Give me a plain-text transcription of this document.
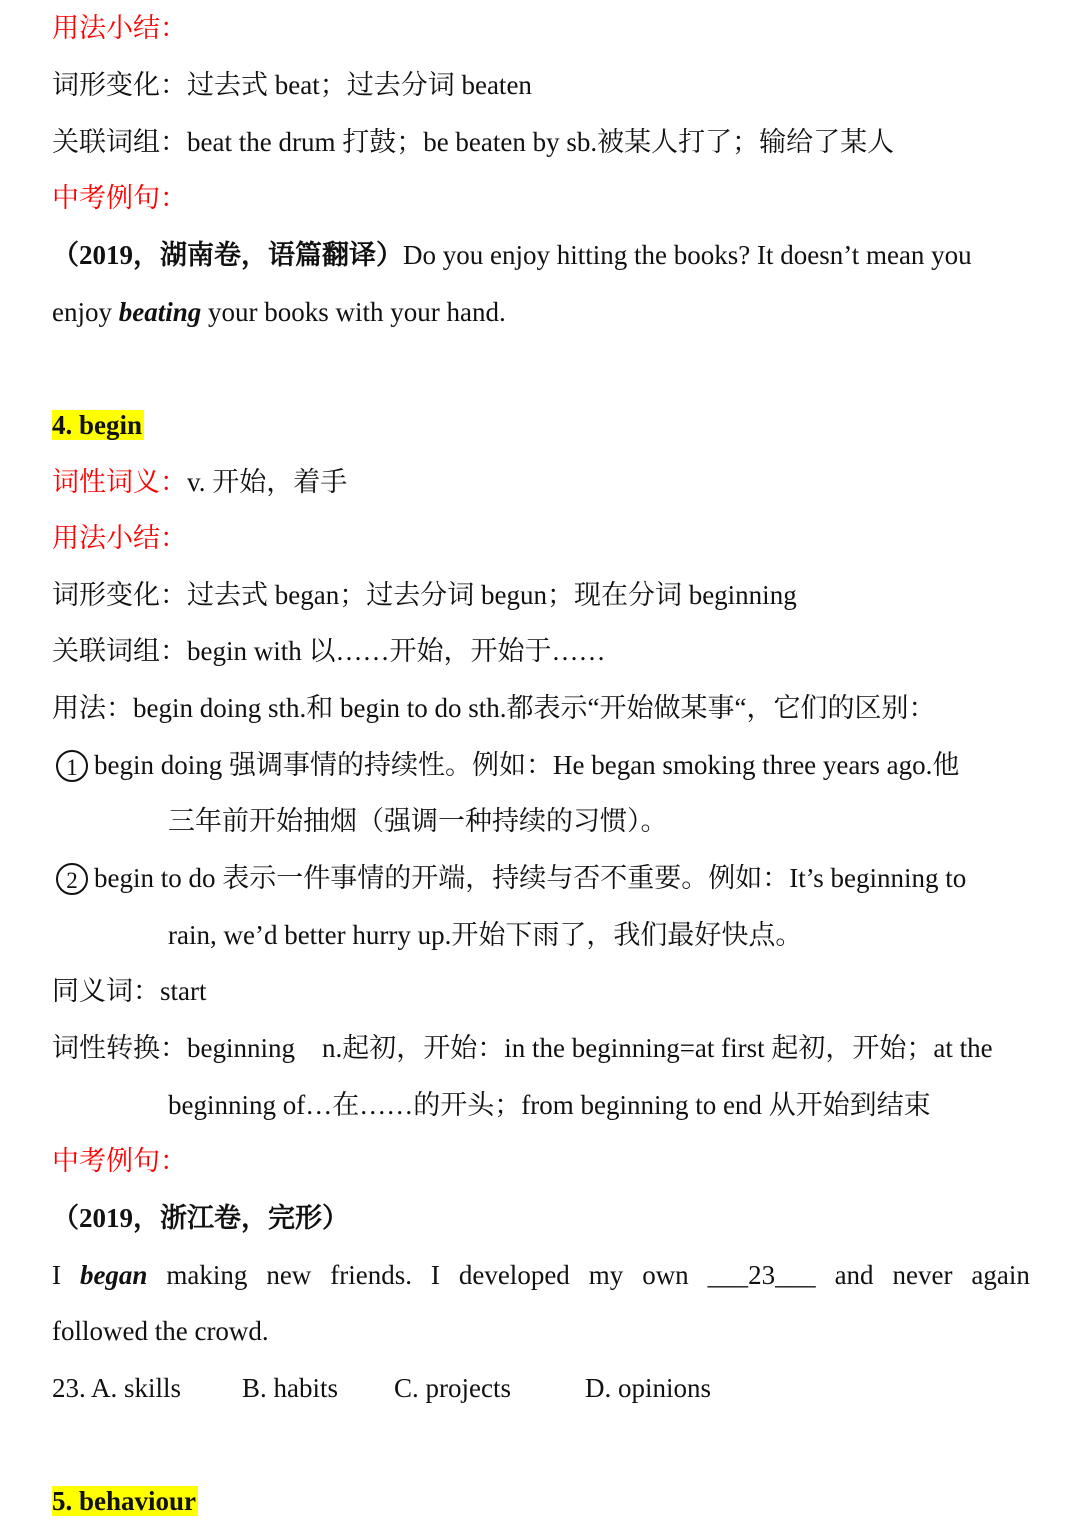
用法小结：
词形变化：过去式 beat；过去分词 beaten
关联词组：beat the drum 打鼓；be beaten by sb.被某人打了；输给了某人
中考例句：
（2019，湖南卷，语篇翻译）Do you enjoy hitting the books? It doesn’t mean you
enjoy beating your books with your hand.
4. begin
词性词义：v. 开始，着手
用法小结：
词形变化：过去式 began；过去分词 begun；现在分词 beginning
关联词组：begin with 以……开始，开始于……
用法：begin doing sth.和 begin to do sth.都表示“开始做某事“，它们的区别：
1 begin doing 强调事情的持续性。例如：He began smoking three years ago.他
三年前开始抽烟（强调一种持续的习惯）。
2 begin to do 表示一件事情的开端，持续与否不重要。例如：It’s beginning to
rain, we’d better hurry up.开始下雨了，我们最好快点。
同义词：start
词性转换：beginning　n.起初，开始：in the beginning=at first 起初，开始；at the
beginning of…在……的开头；from beginning to end 从开始到结束
中考例句：
（2019，浙江卷，完形）
I began making new friends. I developed my own ___23___ and never again
followed the crowd.
23. A. skills B. habits C. projects	D. opinions
5. behaviour
